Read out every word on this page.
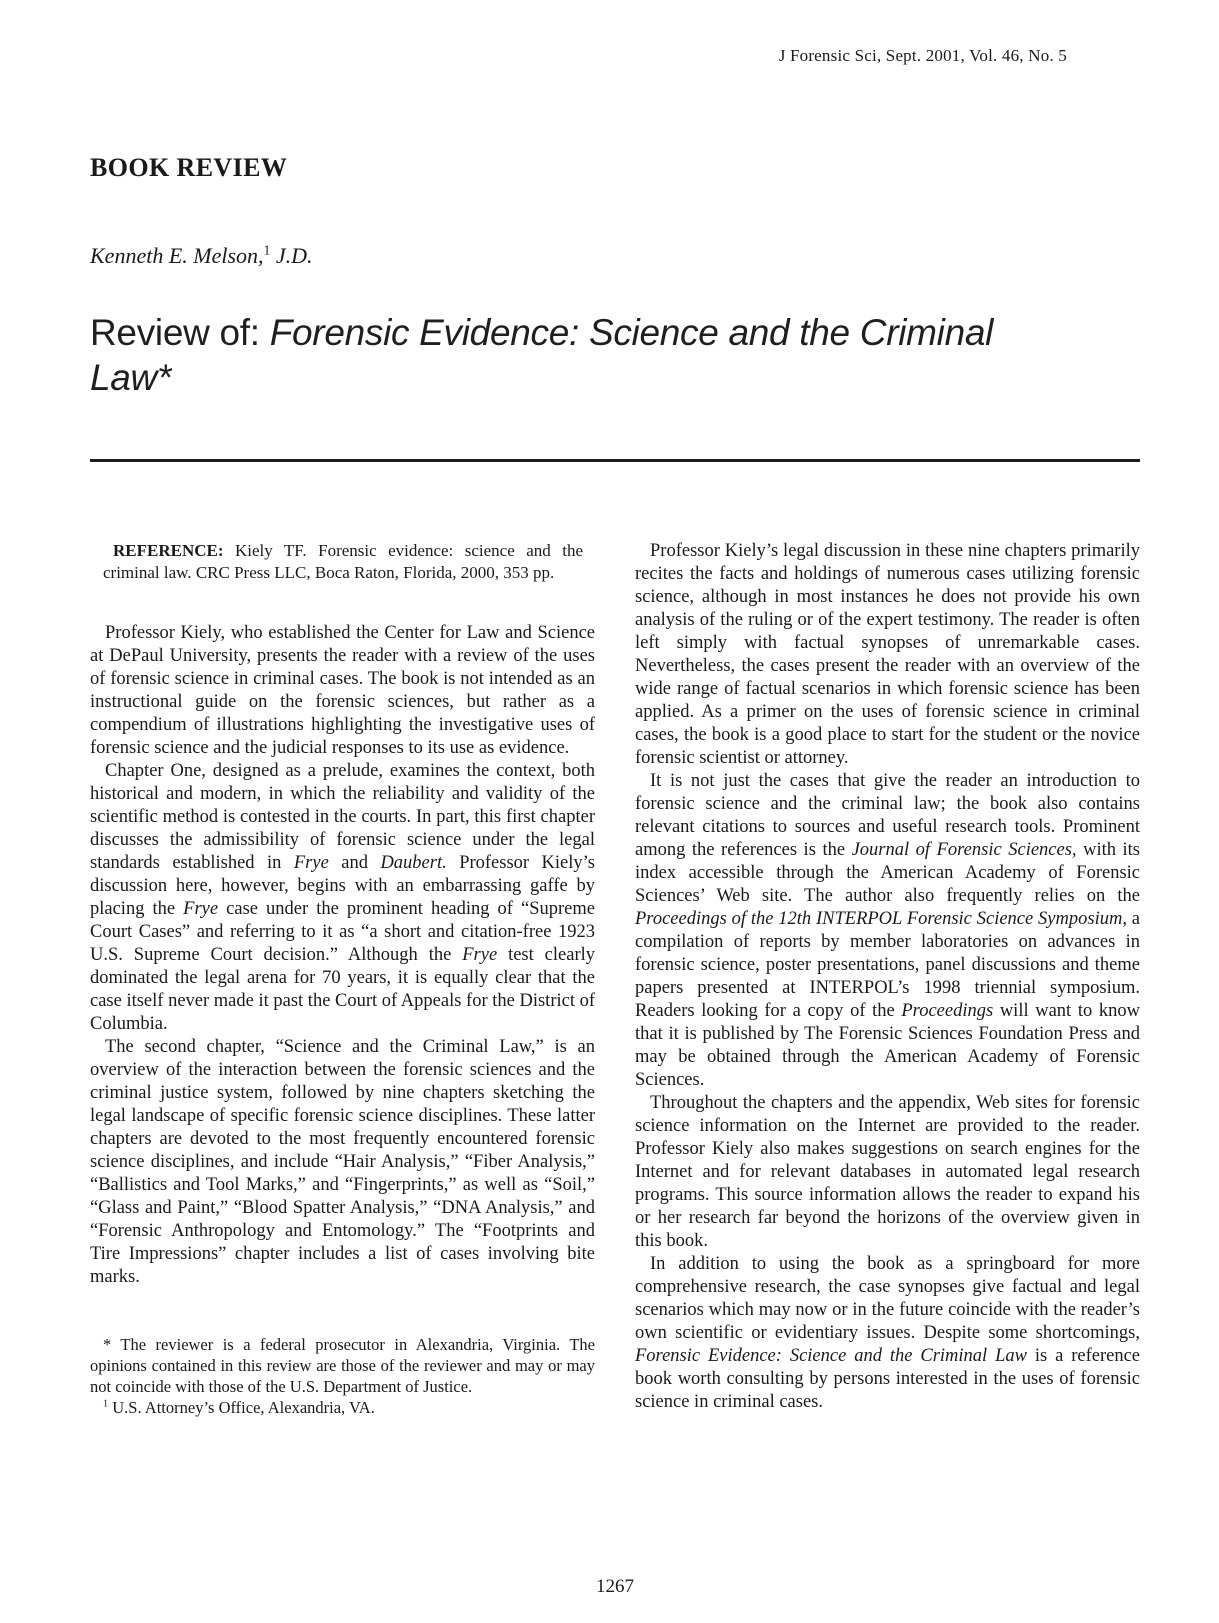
J Forensic Sci, Sept. 2001, Vol. 46, No. 5
BOOK REVIEW
Kenneth E. Melson,$^1$ J.D.
Review of: Forensic Evidence: Science and the Criminal Law*

REFERENCE: Kiely TF. Forensic evidence: science and the criminal law. CRC Press LLC, Boca Raton, Florida, 2000, 353 pp.

Professor Kiely, who established the Center for Law and Science at DePaul University, presents the reader with a review of the uses of forensic science in criminal cases. The book is not intended as an instructional guide on the forensic sciences, but rather as a compendium of illustrations highlighting the investigative uses of forensic science and the judicial responses to its use as evidence.

Chapter One, designed as a prelude, examines the context, both historical and modern, in which the reliability and validity of the scientific method is contested in the courts. In part, this first chapter discusses the admissibility of forensic science under the legal standards established in Frye and Daubert. Professor Kiely’s discussion here, however, begins with an embarrassing gaffe by placing the Frye case under the prominent heading of “Supreme Court Cases” and referring to it as “a short and citation-free 1923 U.S. Supreme Court decision.” Although the Frye test clearly dominated the legal arena for 70 years, it is equally clear that the case itself never made it past the Court of Appeals for the District of Columbia.

The second chapter, “Science and the Criminal Law,” is an overview of the interaction between the forensic sciences and the criminal justice system, followed by nine chapters sketching the legal landscape of specific forensic science disciplines. These latter chapters are devoted to the most frequently encountered forensic science disciplines, and include “Hair Analysis,” “Fiber Analysis,” “Ballistics and Tool Marks,” and “Fingerprints,” as well as “Soil,” “Glass and Paint,” “Blood Spatter Analysis,” “DNA Analysis,” and “Forensic Anthropology and Entomology.” The “Footprints and Tire Impressions” chapter includes a list of cases involving bite marks.

* The reviewer is a federal prosecutor in Alexandria, Virginia. The opinions contained in this review are those of the reviewer and may or may not coincide with those of the U.S. Department of Justice.

$^1$ U.S. Attorney’s Office, Alexandria, VA.

Professor Kiely’s legal discussion in these nine chapters primarily recites the facts and holdings of numerous cases utilizing forensic science, although in most instances he does not provide his own analysis of the ruling or of the expert testimony. The reader is often left simply with factual synopses of unremarkable cases. Nevertheless, the cases present the reader with an overview of the wide range of factual scenarios in which forensic science has been applied. As a primer on the uses of forensic science in criminal cases, the book is a good place to start for the student or the novice forensic scientist or attorney.

It is not just the cases that give the reader an introduction to forensic science and the criminal law; the book also contains relevant citations to sources and useful research tools. Prominent among the references is the Journal of Forensic Sciences, with its index accessible through the American Academy of Forensic Sciences’ Web site. The author also frequently relies on the Proceedings of the 12th INTERPOL Forensic Science Symposium, a compilation of reports by member laboratories on advances in forensic science, poster presentations, panel discussions and theme papers presented at INTERPOL’s 1998 triennial symposium. Readers looking for a copy of the Proceedings will want to know that it is published by The Forensic Sciences Foundation Press and may be obtained through the American Academy of Forensic Sciences.

Throughout the chapters and the appendix, Web sites for forensic science information on the Internet are provided to the reader. Professor Kiely also makes suggestions on search engines for the Internet and for relevant databases in automated legal research programs. This source information allows the reader to expand his or her research far beyond the horizons of the overview given in this book.

In addition to using the book as a springboard for more comprehensive research, the case synopses give factual and legal scenarios which may now or in the future coincide with the reader’s own scientific or evidentiary issues. Despite some shortcomings, Forensic Evidence: Science and the Criminal Law is a reference book worth consulting by persons interested in the uses of forensic science in criminal cases.

1267
